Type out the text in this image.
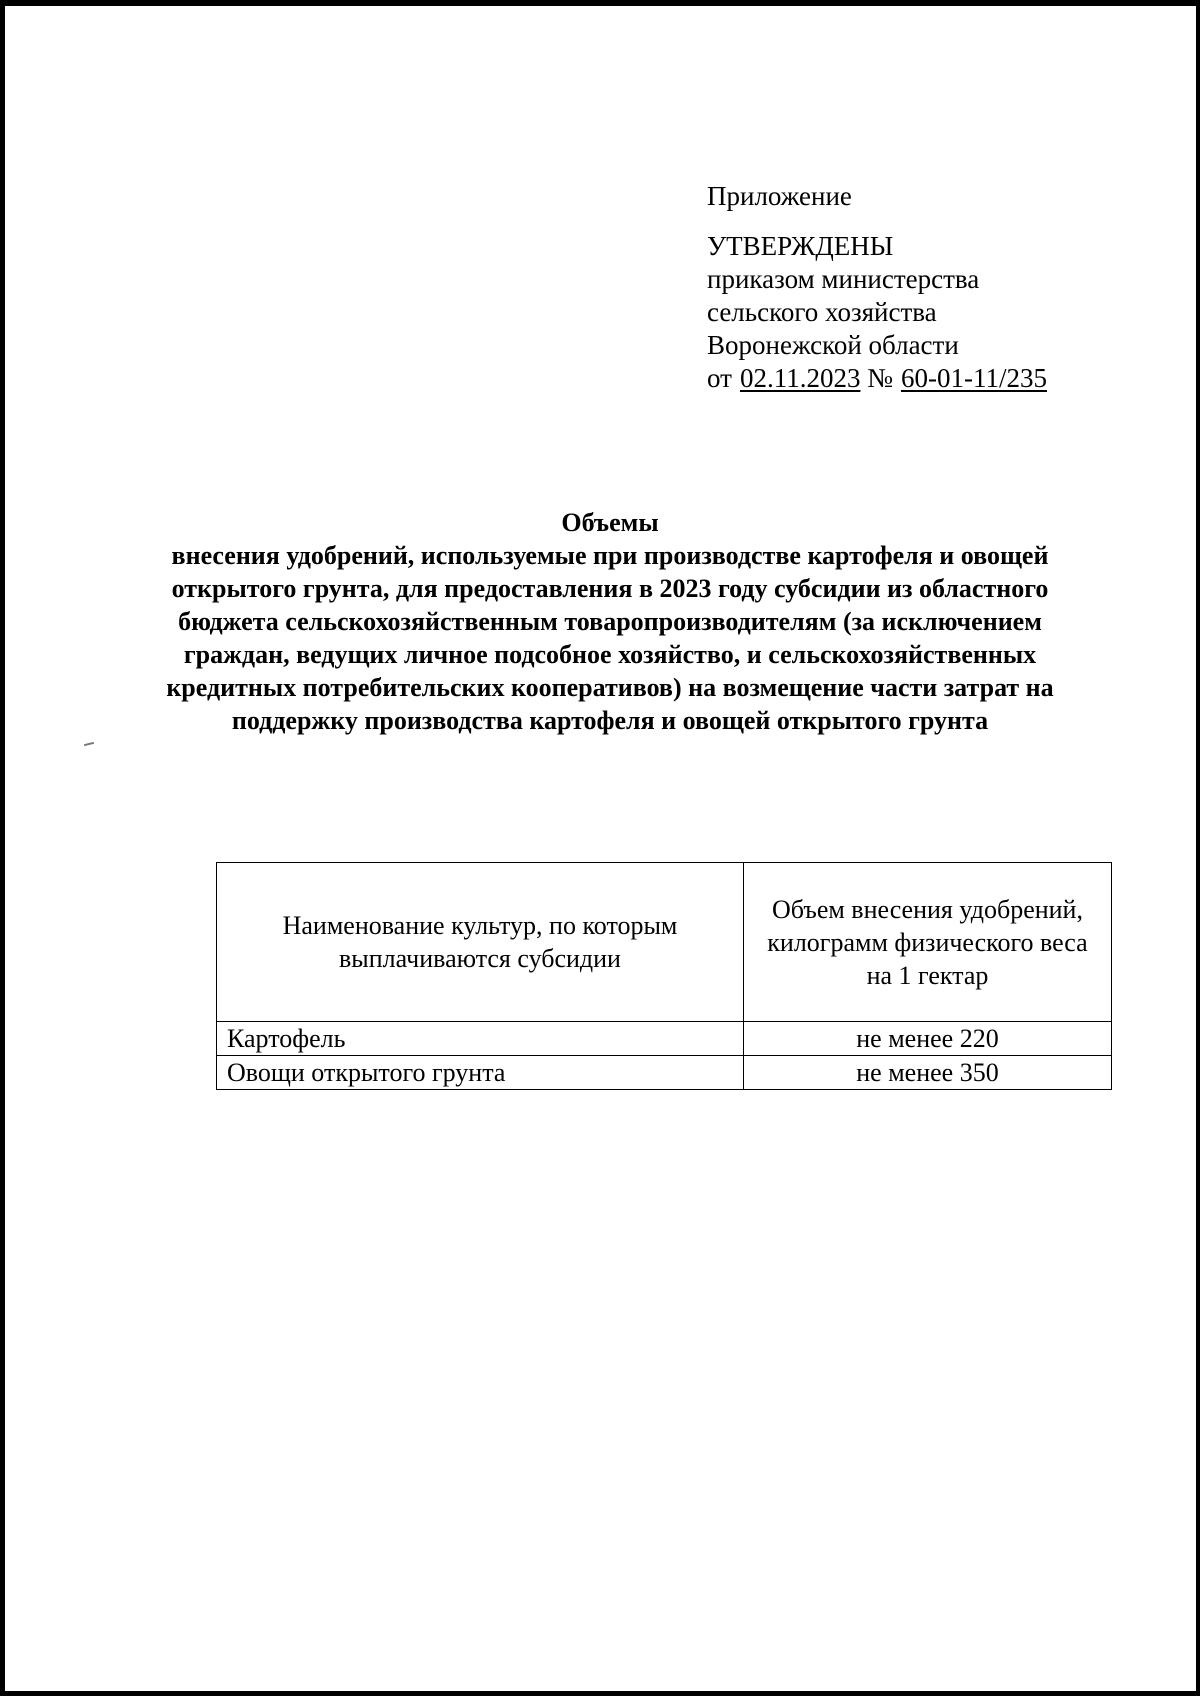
Приложение
УТВЕРЖДЕНЫ
приказом министерства
сельского хозяйства
Воронежской области
от 02.11.2023 № 60-01-11/235
Объемы
внесения удобрений, используемые при производстве картофеля и овощей открытого грунта, для предоставления в 2023 году субсидии из областного бюджета сельскохозяйственным товаропроизводителям (за исключением граждан, ведущих личное подсобное хозяйство, и сельскохозяйственных кредитных потребительских кооперативов) на возмещение части затрат на поддержку производства картофеля и овощей открытого грунта
Наименование культур, по которым выплачиваются субсидии	Объем внесения удобрений, килограмм физического веса на 1 гектар
Картофель	не менее 220
Овощи открытого грунта	не менее 350
